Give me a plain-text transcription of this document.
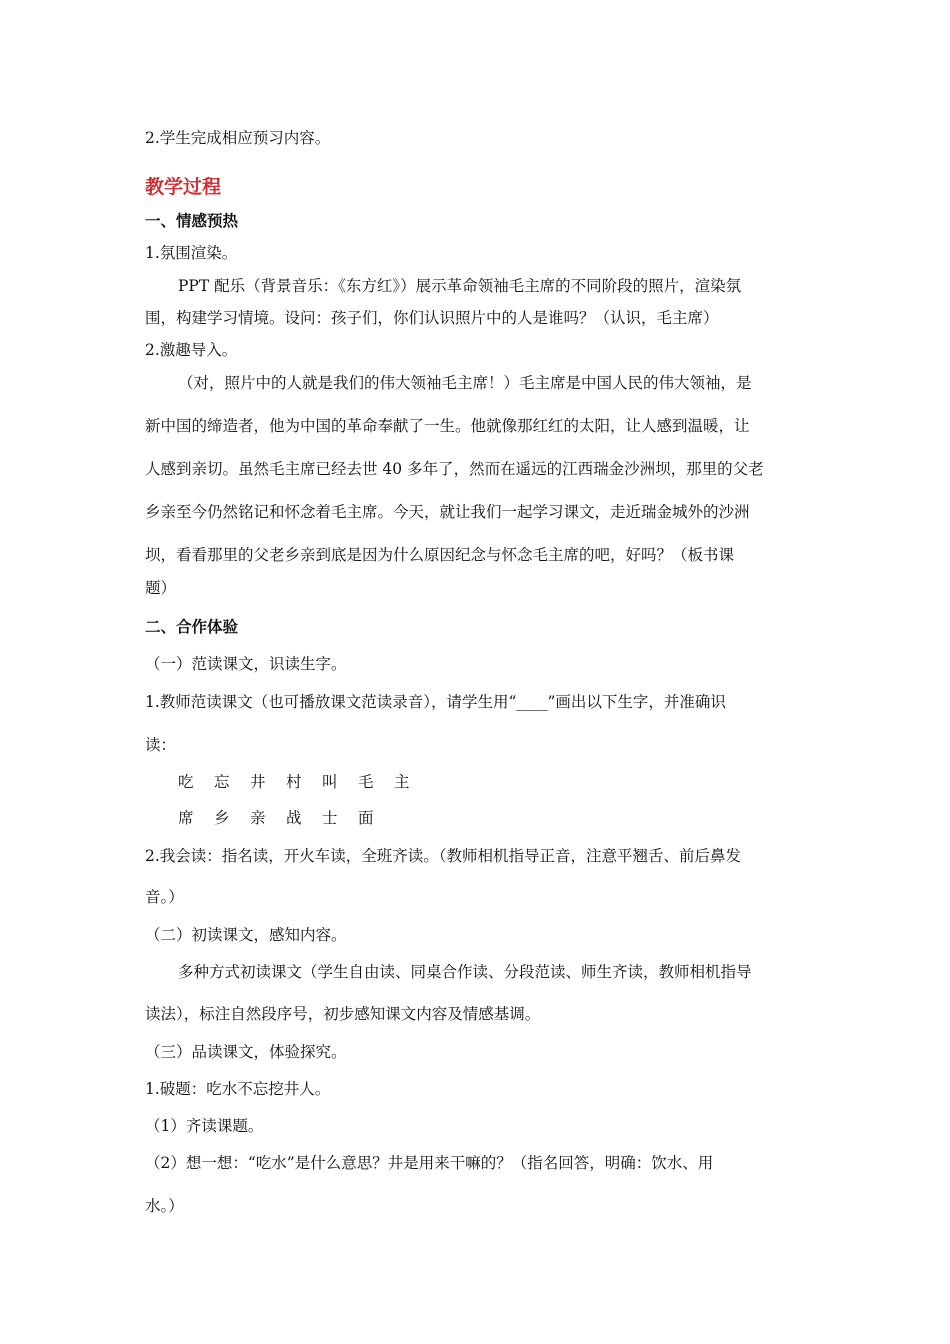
2.学生完成相应预习内容。
教学过程
一、情感预热
1.氛围渲染。
PPT 配乐（背景音乐：《东方红》）展示革命领袖毛主席的不同阶段的照片，渲染氛
围，构建学习情境。设问：孩子们，你们认识照片中的人是谁吗？（认识，毛主席）
2.激趣导入。
（对，照片中的人就是我们的伟大领袖毛主席！）毛主席是中国人民的伟大领袖，是
新中国的缔造者，他为中国的革命奉献了一生。他就像那红红的太阳，让人感到温暖，让
人感到亲切。虽然毛主席已经去世 40 多年了，然而在遥远的江西瑞金沙洲坝，那里的父老
乡亲至今仍然铭记和怀念着毛主席。今天，就让我们一起学习课文，走近瑞金城外的沙洲
坝，看看那里的父老乡亲到底是因为什么原因纪念与怀念毛主席的吧，好吗？（板书课
题）
二、合作体验
（一）范读课文，识读生字。
1.教师范读课文（也可播放课文范读录音），请学生用“____”画出以下生字，并准确识
读：
吃 忘 井 村 叫 毛 主
席 乡 亲 战 士 面
2.我会读：指名读，开火车读，全班齐读。（教师相机指导正音，注意平翘舌、前后鼻发
音。）
（二）初读课文，感知内容。
多种方式初读课文（学生自由读、同桌合作读、分段范读、师生齐读，教师相机指导
读法），标注自然段序号，初步感知课文内容及情感基调。
（三）品读课文，体验探究。
1.破题：吃水不忘挖井人。
（1）齐读课题。
（2）想一想：“吃水”是什么意思？井是用来干嘛的？（指名回答，明确：饮水、用
水。）
